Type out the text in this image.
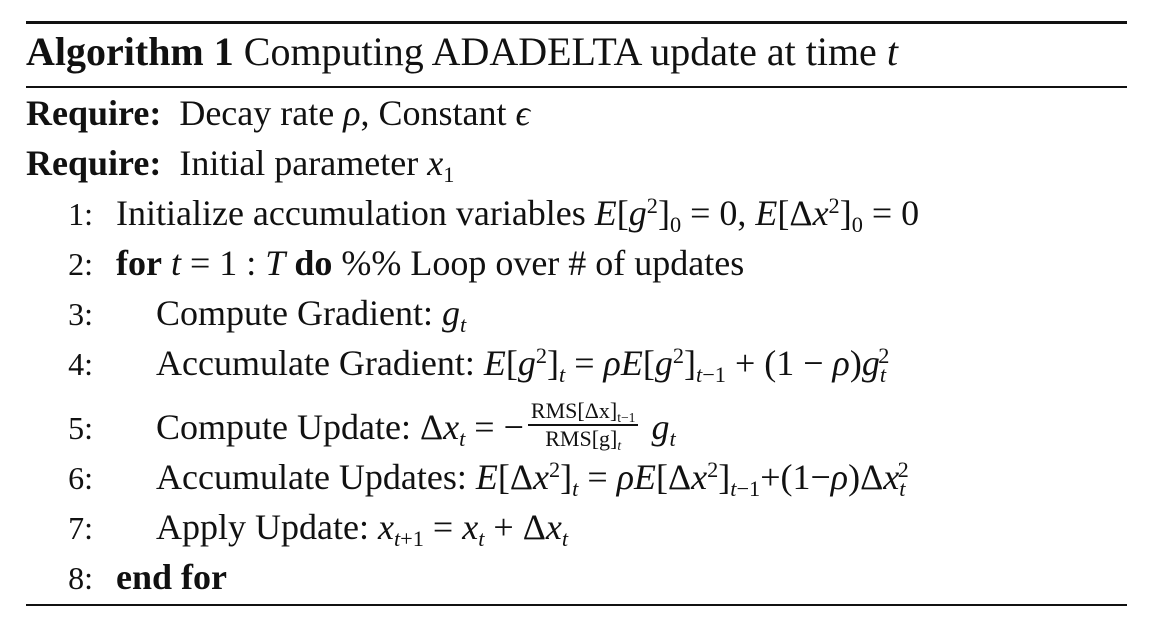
Algorithm 1 Computing ADADELTA update at time t
Require: Decay rate ρ, Constant ϵ
Require: Initial parameter $x_1$
1: Initialize accumulation variables $E[g^2]_0 = 0$, $E[\Delta x^2]_0 = 0$
2: for t = 1 : T do %% Loop over # of updates
3: Compute Gradient: $g_t$
4: Accumulate Gradient: $E[g^2]_t = \rho E[g^2]_{t-1} + (1 - \rho)g_t^2$
5: Compute Update: $\Delta x_t$ = − $\frac{RMS[\Delta x]_{t-1}}{RMS[g]_t} g_t$
6: Accumulate Updates: $E[\Delta x^2]_t = \rho E[\Delta x^2]_{t-1}+(1-\rho)\Delta x_t^2$
7: Apply Update: $x_{t+1} = x_t + \Delta x_t$
8: end for
